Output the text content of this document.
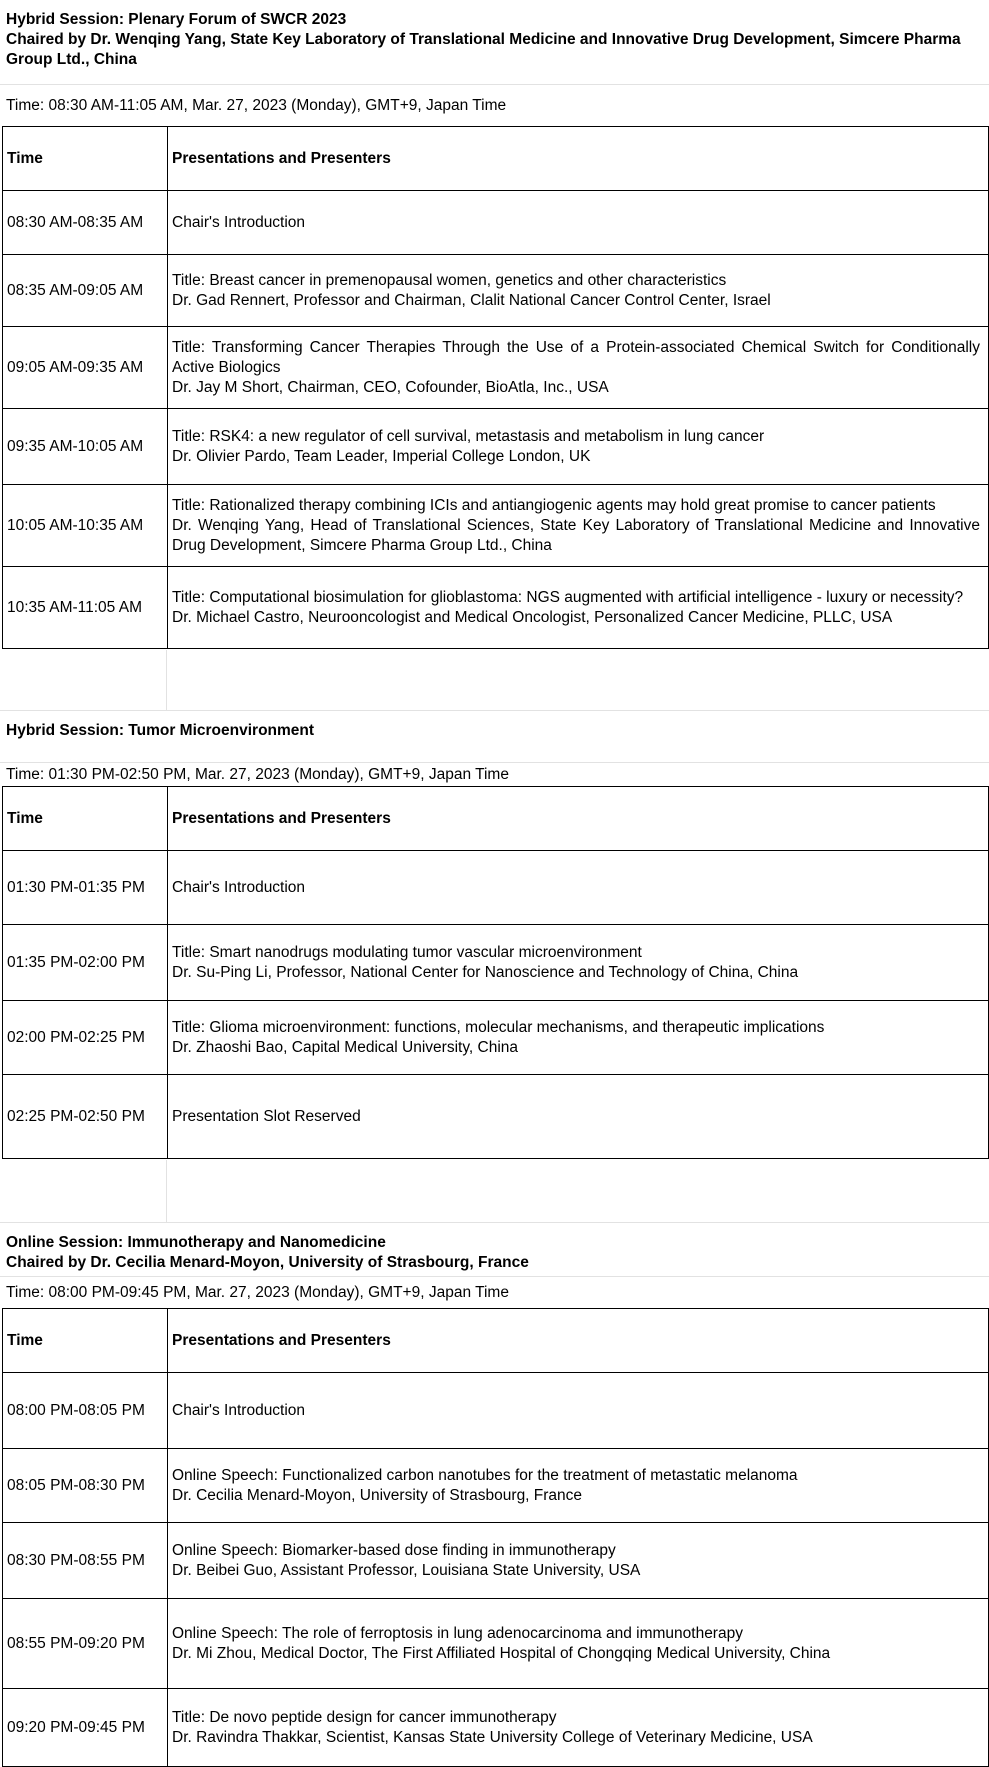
Hybrid Session: Plenary Forum of SWCR 2023
Chaired by Dr. Wenqing Yang, State Key Laboratory of Translational Medicine and Innovative Drug Development, Simcere Pharma Group Ltd., China
Time: 08:30 AM-11:05 AM, Mar. 27, 2023 (Monday), GMT+9, Japan Time
Time	Presentations and Presenters
08:30 AM-08:35 AM	Chair's Introduction

08:35 AM-09:05 AM	Title: Breast cancer in premenopausal women, genetics and other characteristics
Dr. Gad Rennert, Professor and Chairman, Clalit National Cancer Control Center, Israel

09:05 AM-09:35 AM	Title: Transforming Cancer Therapies Through the Use of a Protein-associated Chemical Switch for Conditionally Active Biologics
Dr. Jay M Short, Chairman, CEO, Cofounder, BioAtla, Inc., USA

09:35 AM-10:05 AM	Title: RSK4: a new regulator of cell survival, metastasis and metabolism in lung cancer
Dr. Olivier Pardo, Team Leader, Imperial College London, UK

10:05 AM-10:35 AM	Title: Rationalized therapy combining ICIs and antiangiogenic agents may hold great promise to cancer patients
Dr. Wenqing Yang, Head of Translational Sciences, State Key Laboratory of Translational Medicine and Innovative Drug Development, Simcere Pharma Group Ltd., China

10:35 AM-11:05 AM	Title: Computational biosimulation for glioblastoma: NGS augmented with artificial intelligence - luxury or necessity?
Dr. Michael Castro, Neurooncologist and Medical Oncologist, Personalized Cancer Medicine, PLLC, USA
Hybrid Session: Tumor Microenvironment
Time: 01:30 PM-02:50 PM, Mar. 27, 2023 (Monday), GMT+9, Japan Time
Time	Presentations and Presenters
01:30 PM-01:35 PM	Chair's Introduction

01:35 PM-02:00 PM	Title: Smart nanodrugs modulating tumor vascular microenvironment
Dr. Su-Ping Li, Professor, National Center for Nanoscience and Technology of China, China

02:00 PM-02:25 PM	Title: Glioma microenvironment: functions, molecular mechanisms, and therapeutic implications
Dr. Zhaoshi Bao, Capital Medical University, China

02:25 PM-02:50 PM	Presentation Slot Reserved
Online Session: Immunotherapy and Nanomedicine
Chaired by Dr. Cecilia Menard-Moyon, University of Strasbourg, France
Time: 08:00 PM-09:45 PM, Mar. 27, 2023 (Monday), GMT+9, Japan Time
Time	Presentations and Presenters
08:00 PM-08:05 PM	Chair's Introduction

08:05 PM-08:30 PM	Online Speech: Functionalized carbon nanotubes for the treatment of metastatic melanoma
Dr. Cecilia Menard-Moyon, University of Strasbourg, France

08:30 PM-08:55 PM	Online Speech: Biomarker-based dose finding in immunotherapy
Dr. Beibei Guo, Assistant Professor, Louisiana State University, USA

08:55 PM-09:20 PM	Online Speech: The role of ferroptosis in lung adenocarcinoma and immunotherapy
Dr. Mi Zhou, Medical Doctor, The First Affiliated Hospital of Chongqing Medical University, China

09:20 PM-09:45 PM	Title: De novo peptide design for cancer immunotherapy
Dr. Ravindra Thakkar, Scientist, Kansas State University College of Veterinary Medicine, USA
